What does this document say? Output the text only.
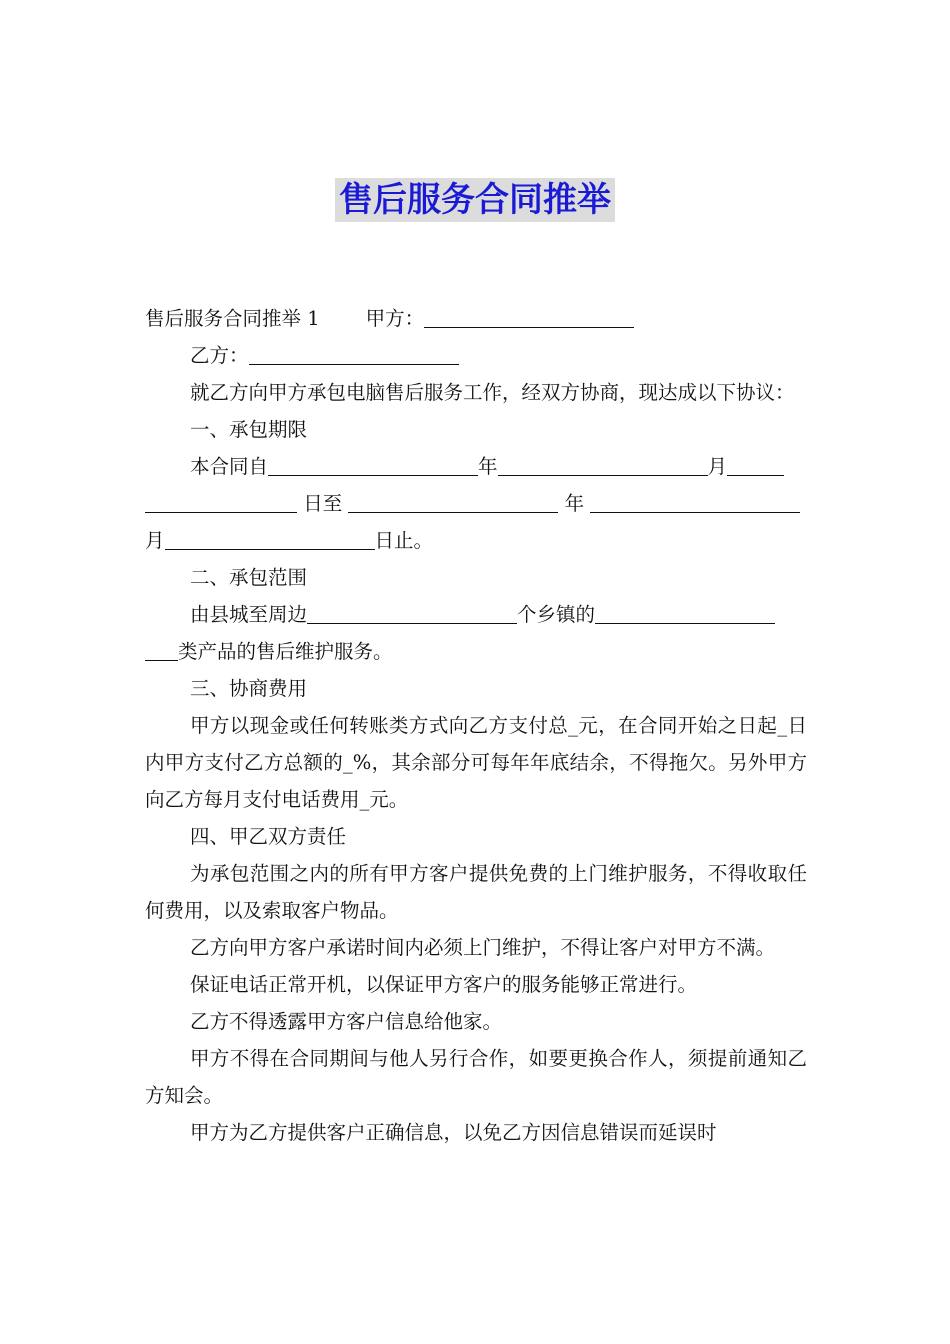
售后服务合同推举

售后服务合同推举 1 甲方：

乙方：

就乙方向甲方承包电脑售后服务工作，经双方协商，现达成以下协议：

一、承包期限

本合同自	年	月

日至	年

月	日止。

二、承包范围

由县城至周边	个乡镇的

类产品的售后维护服务。

三、协商费用

甲方以现金或任何转账类方式向乙方支付总_元，在合同开始之日起_日内甲方支付乙方总额的_%，其余部分可每年年底结余，不得拖欠。另外甲方向乙方每月支付电话费用_元。

四、甲乙双方责任

为承包范围之内的所有甲方客户提供免费的上门维护服务，不得收取任何费用，以及索取客户物品。

乙方向甲方客户承诺时间内必须上门维护，不得让客户对甲方不满。

保证电话正常开机，以保证甲方客户的服务能够正常进行。

乙方不得透露甲方客户信息给他家。

甲方不得在合同期间与他人另行合作，如要更换合作人，须提前通知乙方知会。

甲方为乙方提供客户正确信息，以免乙方因信息错误而延误时
